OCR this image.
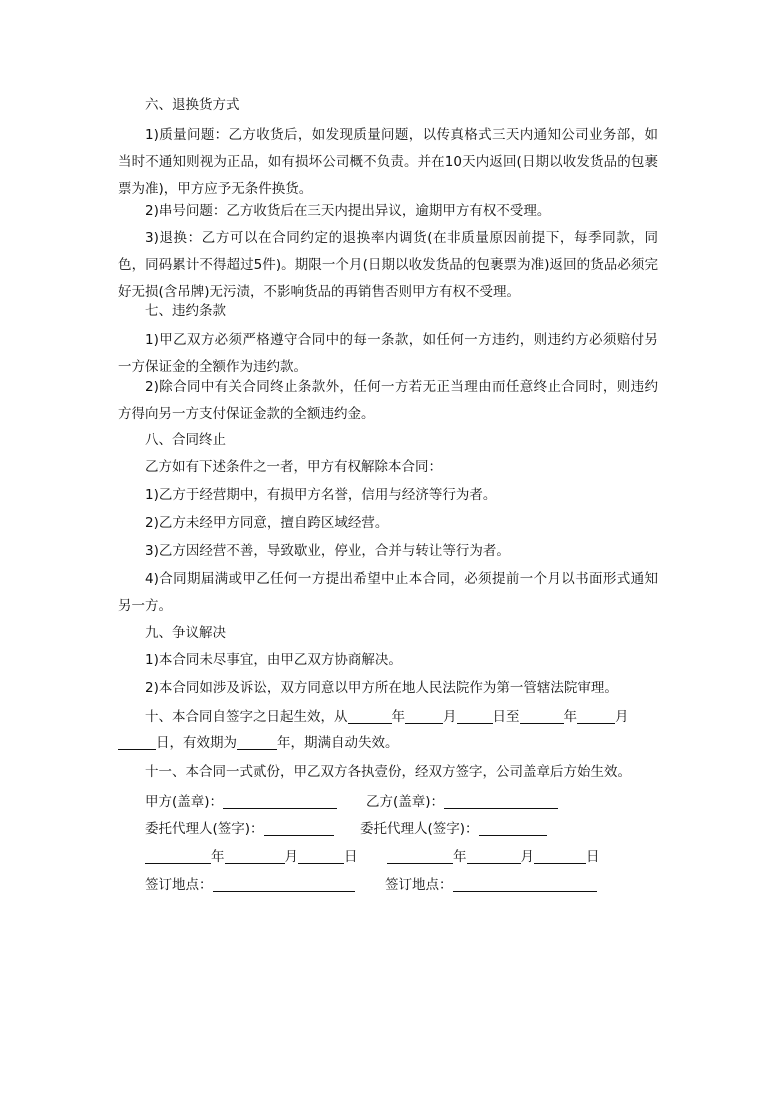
六、退换货方式

1)质量问题：乙方收货后，如发现质量问题，以传真格式三天内通知公司业务部，如当时不通知则视为正品，如有损坏公司概不负责。并在10天内返回(日期以收发货品的包裹票为准)，甲方应予无条件换货。

2)串号问题：乙方收货后在三天内提出异议，逾期甲方有权不受理。

3)退换：乙方可以在合同约定的退换率内调货(在非质量原因前提下，每季同款，同色，同码累计不得超过5件)。期限一个月(日期以收发货品的包裹票为准)返回的货品必须完好无损(含吊牌)无污渍，不影响货品的再销售否则甲方有权不受理。

七、违约条款

1)甲乙双方必须严格遵守合同中的每一条款，如任何一方违约，则违约方必须赔付另一方保证金的全额作为违约款。

2)除合同中有关合同终止条款外，任何一方若无正当理由而任意终止合同时，则违约方得向另一方支付保证金款的全额违约金。

八、合同终止

乙方如有下述条件之一者，甲方有权解除本合同：

1)乙方于经营期中，有损甲方名誉，信用与经济等行为者。

2)乙方未经甲方同意，擅自跨区域经营。

3)乙方因经营不善，导致歇业，停业，合并与转让等行为者。

4)合同期届满或甲乙任何一方提出希望中止本合同，必须提前一个月以书面形式通知另一方。

九、争议解决

1)本合同未尽事宜，由甲乙双方协商解决。

2)本合同如涉及诉讼，双方同意以甲方所在地人民法院作为第一管辖法院审理。

十、本合同自签字之日起生效，从	年	月	日至	年	月
日，有效期为	年，期满自动失效。
十一、本合同一式贰份，甲乙双方各执壹份，经双方签字，公司盖章后方始生效。
甲方(盖章)：	乙方(盖章)：
委托代理人(签字)：	委托代理人(签字)：
年	月	日	年	月	日
签订地点：	签订地点：
